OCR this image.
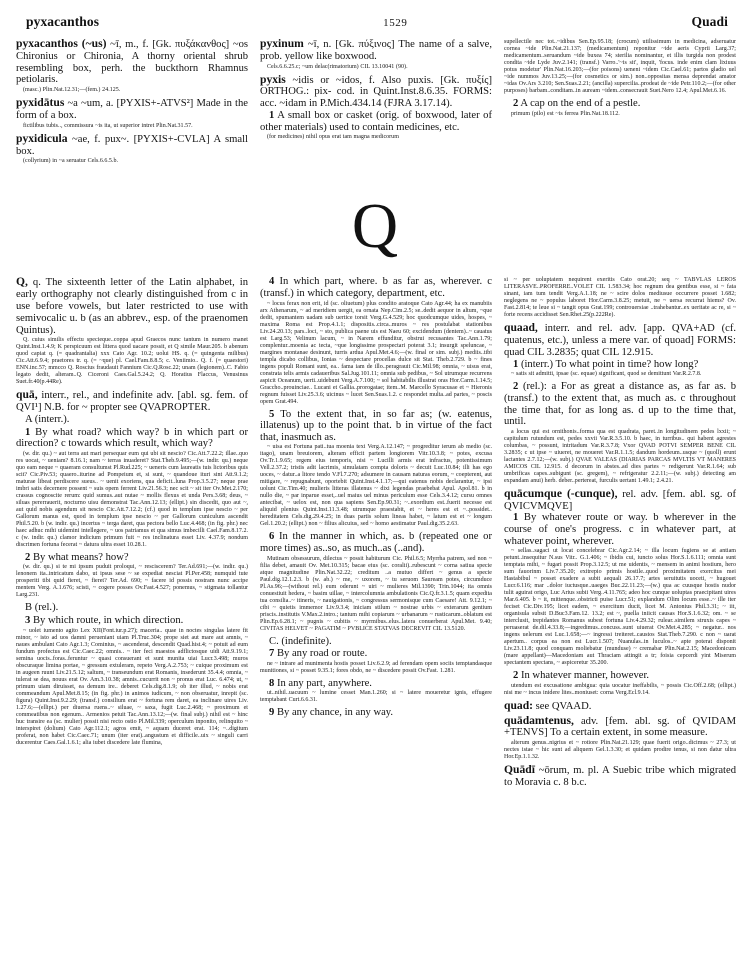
pyxacanthos	1529	Quadi
pyxacanthos (~us) ~ī, m., f. [Gk. πυξάκανθος] ~os Chironius or Chironia, A thorny oriental shrub resembling box, perh. the buckthorn Rhamnus petiolaris.
(masc.) Plin.Nat.12.31;—(fem.) 24.125.
pyxidātus ~a ~um, a. [PYXIS+-ATVS²] Made in the form of a box.
fictilibus tubis.., commissura ~is ita, ut superior intret Plin.Nat.31.57.
pyxidicula ~ae, f. pux~. [PYXIS+-CVLA] A small box.
(collyrium) in ~a seruatur Cels.6.6.5.b.
pyxinum ~ī, n. [Gk. πύξινος] The name of a salve, prob. yellow like boxwood.
Cels.6.6.25.c; ~um delac(rimatorium) CIL 13.10041 (90).
pyxis ~idis or ~idos, f. Also puxis. [Gk. πυξίς] ORTHOG.: pix- cod. in Quint.Inst.8.6.35. FORMS: acc. ~idam in P.Mich.434.14 (FJRA 3.17.14).
1 A small box or casket (orig. of boxwood, later of other materials) used to contain medicines, etc.
(for medicines) nihil opus erat tam magna medicorum
supellectile nec tot..~idibus Sen.Ep.95.18; (crocum) utilissimum in medicina, adseruatur cornea ~ide Plin.Nat.21.137; (medicamentum) reponitur ~ide aeris Cyprii Larg.37; medicamentum..seruandum ~ide buxea 74; sterilia nominantur, et illis turgida non prodest condita ~ide Lyde Juv.2.141; (transf.) Varro..'~is sit', inquit, 'focus. inde enim clam lixiuus potus modetur' Plin.Nat.16.203;—(for poisons) ueneni ~idem Cic.Cael.61; partos gladio uel ~ide nummos Juv.13.25;—(for cosmetics or sim.) non..oppositas mensa deprendat amator ~idas Ov.Ars 3.210; Sen.Suas.2.21; (ancilla) supercilia..prodeat de ~ide Petr.110.2;—(for other purposes) barbam..conditam..in auream ~idem..consecrauit Suet.Nero 12.4; Apul.Met.6.16.
2 A cap on the end of a pestle.
primum (pilo) est ~is ferrea Plin.Nat.18.112.
Q
Q, q. The sixteenth letter of the Latin alphabet, in early orthography not clearly distinguished from c in use before vowels, but later restricted to use with semivocalic u. b (as an abbrev., esp. of the praenomen Quintus).
Q. cuius similis effectu specieque..coppa apud Graecos nunc tantum in numero manet Quint.Inst.1.4.9; K perspicuum est littera quod uacare possit, et Q simile Maur.205. b abenum quod capiat q. (= quadrantalia) xxx Cato Agr. 10.2; uolui HS. q. (= quingenta milibus) Cic.Att.6.9.4; praetores tr. q. (= ~que) pl. Cael.Fam.8.8.5; c. Veniimio.. Q. f. (= quaestori) ENN.inc.57; mmcco Q. Roscius fraudauit Fannium Cic.Q.Rosc.22; unam (legionem)..C. Fabio legato dedit, alteram..Q. Ciceroni Caes.Gal.5.24.2; Q. Horatius Flaccus, Venusinus Suet.fr.40(p.44Re).
quā, interr., rel., and indefinite adv. [abl. sg. fem. of QVI¹] N.B. for ~ propter see QVAPROPTER.
A (interr.).
1 By what road? which way? b in which part or direction? c towards which result, which way?
(w. dir. qu.) ~ aut terra aut mari persequar eum qui ubi sit nescio? Cic.Att.7.22.2; illae..quo res uocat, ~ ueniam? 8.16.1; nam ~ terras inuaderet? Stat.Theb.9.495;—(w. indir. qu.) neque quo eam neque ~ quaeram consultumst Pl.Rud.225; ~ ueneris cum laureatis tuis lictoribus quis scit? Cic.Piv.53; quaero..iturine ad Pompeium et, si sunt, ~ quandoue ituri sint Att.9.1.2; maturae libeat perdiscere sueus.. ~ uenit exoriens, qua deficit..luna Prop.3.5.27; neque prae imbri satis decernere possent ~ suis opem ferrent Liv.21.56.3; nec scit ~ sit iter Ov.Met.2.170; crassus cognoscite rerum: quid sumus..aut nutae ~ mollis flexus et unda Pers.3.68; deus, ~ siluas pererrauerit, nocturno uisu demonstrat Tac.Ann.12.13; (ellipt.) sin discedit, quo aut ~, aut quid nobis agendum sit nescio Cic.Att.7.12.2; (cf.) quod in templum ipse nescio ~ per Gallorum manus est, quod in templum ipse nescio ~ per Gallorum cuniculum ascendit Phil.5.20. b (w. indir. qu.) incertus ~ terga daret, qua pectora bello Luc.4.468; (in fig. phr.) nec haec adhuc mihi uidemini intellegere, ~ uos patriamus et qua simus imbecilli Cael.Fam.8.17.2. c (w. indir. qu.) clamor indicium primum fuit ~ res inclinatura esset Liv. 4.37.9; nondum discrimen fortuna fecerat ~ datura ultra esset 10.28.1.
2 By what means? how?
(w. dir. qu.) si te mi ipsum puduit proloqui, ~ resciscerem? Ter.Ad.691;—(w. indir. qu.) lenonem ita..intricatum dabo, ut ipsus sese ~ se expediat nesciat Pl.Per.458; numquid tute prosperiti tibi quid fieret, ~ fieret? Ter.Ad. 690; ~ facere id possis nostram nunc accipe mentem Verg. A.1.676; scisti, ~ cogere posses Ov.Fast.4.527; ponemus, ~ stigmata tollantur Larg.231.
B (rel.).
3 By which route, in which direction.
~ uolet iumento agito Lex XII(Font.iur.p.27); maceria.. quae in noctes singulas latere fit minor, ~ isto ad uos damni perueniant uiam Pl.Truc.304; prope siet aut mare aut amnis, ~ naues ambulant Cato Agr.1.3; Cominius, ~ ascenderat, descendit Quad.hist.4; ~ potuit ad eum fundum profectus est Cic.Caec.22; omnis.. ~ iter feci maestos adflictosque uidi Att.9.19.1; semina uocis..foras..feruntur ~ quasi consuerant et sunt munita uiai Lucr.3.498; muros obscuraque limina portae, ~ gressum extuleram, repeto Verg.A.2.753; ~ cuique proximum est in augeen ruunt Liv.21.5.12; saltum, ~ transeundum erat Romanis, insederunt 35.4.4; omnia, ~ tulerat se dea, nouus erat Ov. Am.3.10.38; amnis..cucurrit non ~ pronus erat Luc. 6.474; ut, ~ primum uiam diruisset, ea demum ire.. deberet Cels.dig.8.1.9; ob iter illud, ~ nobis erat commeandum Apul.Met.8.15; (in fig. phr.) in animos iudicum, ~ non obseruatur, inrepit (sc. figura) Quint.Inst.9.2.29; (transf.) consilium erat ~ fortuna rem daret, ea inclinare uires Liv. 1.27.6;—(ellipt.) per diuersa ruens..~ siluae, ~ saxa, fugit Luc.2.468; ~ proximum et commeatibus non egenum.. Armenios petuit Tac.Ann.13.12;—(w. final subj.) nihil est ~ hinc huc transire ea (sc. mulier) possit nisi recto ostio Pl.Mil.339; operculum inponito, relinquito ~ interspiret (dolium) Cato Agr.112.1; agros emit, ~ aquam duceret erat. 114; ~..digitum proferat, non habet Cic.Caec.71; unum (iter erat)..angustum et difficile..uix ~ singuli carri ducerentur Caes.Gal.1.6.1; alia iubet discedere late flumina,
4 In which part, where. b as far as, wherever. c (transf.) in which category, department, etc.
~ locus ferax non erit, id (sc. oliuetum) plus condito aratoque Cato Agr.44; ha ex manubiis arx Athenarum, ~ ad meridiem uergit, ea ornata Nep.Cim.2.5; se..dedit aequor in altum, ~que dedit, spumantem uadam sub uertice torsit Verg.G.4.529; hoc quodcumque uides, hospes, ~ maxima Roma est Prop.4.1.1; dispositis..circa..muros ~ res postulabat stationibus Liv.24.20.13; pars..loci, ~ sto, publica paene uis est Naeu 60; excidendum (dentem)..~ cauatus est Larg.53; Velinum lacum, ~ in Narem effunditur, obstrui recusantes Tac.Ann.1.79; complentur..moenia ac tecta, ~que longissime prospectari poterat 3.1; insurgit speluncae, ~ margines montanae desinunt, turris ardua Apul.Met.4.6;—(w. final or sim. subj.) mediis..tibi templa dicabo collibus, Ionias ~ despectare procellas dulce sit Stat. Theb.2.729. b ~ fines ingens populi Romani sunt, ea.. fama iam de illo..peragrauit Cic.Mil.98; omnia, ~ uisus erat, constrata telis armis cadaueribus Sal.Jug.101.11; omnia sub pedibus, ~ Sol utrumque recurrens aspicit Oceanum, uerti..uidebunt Verg.A.7.100; ~ sol habitabilis illustrat oras Hor.Carm.1.14.5; Graccho..prouinciae.. Lucani et Gallia..prorogatae; item..M. Marcello Syracusae et ~ Hieronis regnum fuisset Liv.25.3.6; uicinus ~ lucet Sen.Suas.1.2. c respondet multa..ad partes, ~ poscis opem Grat.494.
5 To the extent that, in so far as; (w. eatenus, illatenus) up to the point that. b in virtue of the fact that, inasmuch as.
~ uisa est Fortuna pati..tua moenia texi Verg.A.12.147; ~ progreditur ierum ab medio (sc. itago), unam breuiorem, alteram efficit partem longiorem Vitr.10.3.8; ~ potes, excusa Ov.Tr.1.9.65; regem eius temporis, nisi ~ Lucilli armis erat infractus, potentissimum Vell.2.37.2; tristis adit lacrimis, simulatam compta doloris ~ decuit Luc.10.84; illi has ego uoces, ~ datur..a litore tendo V.Fl.7.270; adsumere in causam naturas eorum, ~ coepterent, aut mitigare, ~ repugnabunt, oportebit Quint.Inst.4.1.17;—qui eatenus nobis declarantur, ~ ipsi uolunt Cic.Tim.40; mulieris litteras illatenus ~ dixi legendas praebebat Apul. Apol.81. b in nullo die, ~ par inparue esset,..uel maius uel minus periculum esse Cels.3.4.12; cursu omnes antecibat, ~ uelox est, non qua sapiens Sen.Ep.90.31; ~..exordium est..fuerit necesse est aliquid plenius Quint.Inst.11.3.48; utrumque praestabit, et ~ heres est et ~..possidet.. hereditatem Cels.dig.29.4.25; in duas partis solum lineas habet, ~ latum est et ~ longum Gel.1.20.2; (ellipt.) non ~ filius alicuius, sed ~ homo aestimatur Paul.dig.35.2.63.
6 In the manner in which, as. b (repeated one or more times) as..so, as much..as (..and).
Mutinam obsessurum, dilectus ~ possit habiturum Cic. Phil.6.5; Myrrha patrem, sed non ~ filia debet, amauit Ov. Met.10.315; bacae eius (sc. coralii)..rubescunt ~ corna satiua specie atque magnitudine Plin.Nat.32.22; creditum ..a mutuo differt ~ genus a specie Paul.dig.12.1.2.3. b (w. ab.) ~ me, ~ uxorem, ~ tu seruom Sauream potes, circumduce Pl.As.96;—(without rel.) eum oderunt ~ uiri ~ mulieres Mil.1390; Trin.1044; ita omnis conuestiuit hedera, ~ basim uillae, ~ intercolumnia ambulationis Cic.Q.fr.3.1.5; quam expedita tua consilia..~ itineris, ~ nauigationis, ~ congressus sermonisque cum Caesare! Att. 9.12.1; ~ cibi ~ quietis immemor Liv.9.3.4; iniciam stilum ~ nostrae urbis ~ exterarum gentium priscis..institutis V.Max.2.intro.; tantum mihi copiarum ~ urbanarum ~ rusticarum..oblatum est Plin.Ep.6.28.1; ~ pugnis ~ cubitis ~ myrmibus..elus..latera conuerberat Apul.Met. 9.40; CIVITAS HELVET ~ PAGATIM ~ PVBLICE STATVAS DECREVIT CIL 13.5120.
C. (indefinite).
7 By any road or route.
ne ~ intrare ad munimenta hostis posset Liv.6.2.9; ad ferendam opem sociis temptandasque munitiones, si ~ posset 9.35.1; fores obdo, ne ~ discedere possit Ov.Fast. 1.281.
8 In any part, anywhere.
ut..nihil..uacuum ~ lumine cesset Man.1.260; si ~ latere moueretur ignis, effugere temptabant Curt.6.6.31.
9 By any chance, in any way.
si ~ per uoluptatem nequirent exeritis Cato orat.20; seq ~ TABVLAS LEROS LITERASVE..PROFERRE..VOLET CIL 1.583.34; hoc regnum dea gentibus esse, si ~ fata sinant, iam tum tendit Verg.A.1.18; ne ~ scire dolos mediusue occurrere posset 1.682; neglegens ne ~ populus laboret Hor.Carm.3.8.25; metuit, ne ~ uersa recurrat hiems? Ov. Fast.2.814; te leue si ~ tangit opus Grat.199; controuersiae ..trahebantur..ex ueritate ac re, si ~ forte recens accidisset Sen.Rhet.25(p.222Re).
quaad, interr. and rel. adv. [app. QVA+AD (cf. quatenus, etc.), unless a mere var. of quoad] FORMS: quad CIL 3.2835; quat CIL 12.915.
1 (interr.) To what point in time? how long?
~ satis sit admitti, ipsae (sc. equae) significant, quod se demittunt Var.R.2.7.8.
2 (rel.): a For as great a distance as, as far as. b (transf.) to the extent that, as much as. c throughout the time that, for as long as. d up to the time that, until.
a locus qui est ornithonis..forma qua est quadrata, paret..in longitudinem pedes lxxii; ~ capitulum rutundum est, pedes xxvii Var.R.3.5.10. b haec, in turribus.. qui habent agrestes columbas, ~ possunt, intritadum Var.R.3.7.8; Vxor QVAD POTVI SEMPER BENE CIL 3.2835; c ut ipse ~ uiueret, ne moueret Var.R.1.1.5; dandum hordeum..usque ~ (quoll) erunt lactantes 2.7.12;—(w. subj.) QVAE VALEAS (DIARIAS PARCAS MVLTIS VT MANERES AMICOS CIL 12.915. d decorum in abstes..ad dies partes ~ redigerunt Var.R.1.64; sub umbrificas capes..subigunt (sc. gregem), ~ refrigeratur 2.2.11;—(w. subj.) detecting am expandam anui) herb. deber..pertereat, furculis uertant 1.49.1; 2.4.21.
quācumque (-cunque), rel. adv. [fem. abl. sg. of QVICVMQVE]
1 By whatever route or way. b wherever in the course of one's progress. c in whatever part, at whatever point, wherever.
~ sellas..sagaci ut locat concelebrar Cic.Agr.2.14; ~ illa locum fugiens se at antiam petunt..insequitur N.sus Vitr.. G.1.406; ~ ibidis cui, iuncto solus Hor.S.1.6.111; omnia sunt temptata mihi, ~ fugari possit Prop.3.12.5; ut me uidentis, ~ mensem in animi hostium, hero sum fauorinm Liv.7.35.20; exitrepio primis hostile..quod proximitatem exercitus mei Hastabibul ~ posset exadere a subit aequali 26.17.7; artes seruitutis uoceti, ~ hugouet Lucr.6.116; mar ..dolor iuctusque..uaeges Buc.22.11.23;—(w.) qua ac cuusque hostis nudor tulit aguirat origo, Luc Arius subii Verg..4.11.765; adeo hoc cunque uoluptas praecipitant uires Mar.6.405. b ~ it, mittenque..obstricti puise Lucr.51; explandum Olim locum esse..~ ille iter feciset Cic.Div.195; licet eadem, ~ exercitum ducit, licet M. Antonius Phil.3.31; ~ iit, organisula subsit D.Buc3.Fam.12. 13.2; est ~, puella iniicit causas Hor.S.1.6.32; om. ~ se interclusit, trepidantes Romanus subest fortuna Liv.4.29.32; rulear..similem struxis capes ~ peruaserat de.dil.4.33.8;—ingredimus..concuss..sunt uiuerat Ov.Met.4.285; ~ negatur.. nos ingens uelerum est Luc.1.658;—~ ingressi treiteret..caustos Stat.Theb.7.290. c non ~ uarat apertum.. corpus ea non est Lucr.1.507; Nuanulas..in luculos..~ apte poterat disponit Liv.23.11.8; quod conquam moliebatur (munduse) ~ cremabar Plin.Nat.2.15; Macedonicum (mare appellant)—Macedoniam aut Thraciam attingit a tr; foisia cepcerdi yint Miserum spectantem spectans, ~ aspiceretur 35.200.
2 In whatever manner, however.
utendum est excusatione ambigua: quia uocatur ineffabilis, ~ possis Cic.Off.2.68; (ellipt.) nisi me ~ incus inidere lites..moniuset: corna Verg.Ecl.9.14.
quad: see QVAAD.
quādamtenus, adv. [fem. abl. sg. of QVIDAM +TENVS] To a certain extent, in some measure.
alterum genus..nigrius et ~ rotiore Plin.Nat.21.129; quae fuerit origo..dicimus ~ 27.3; ut nectes istae ~ hic sunt ad aliquem Gel.1.3.30; et quidam prodire tenus, si non datur ultra Hor.Ep.1.1.32.
Quādī ~ōrum, m. pl. A Suebic tribe which migrated to Moravia c. 8 b.c.
